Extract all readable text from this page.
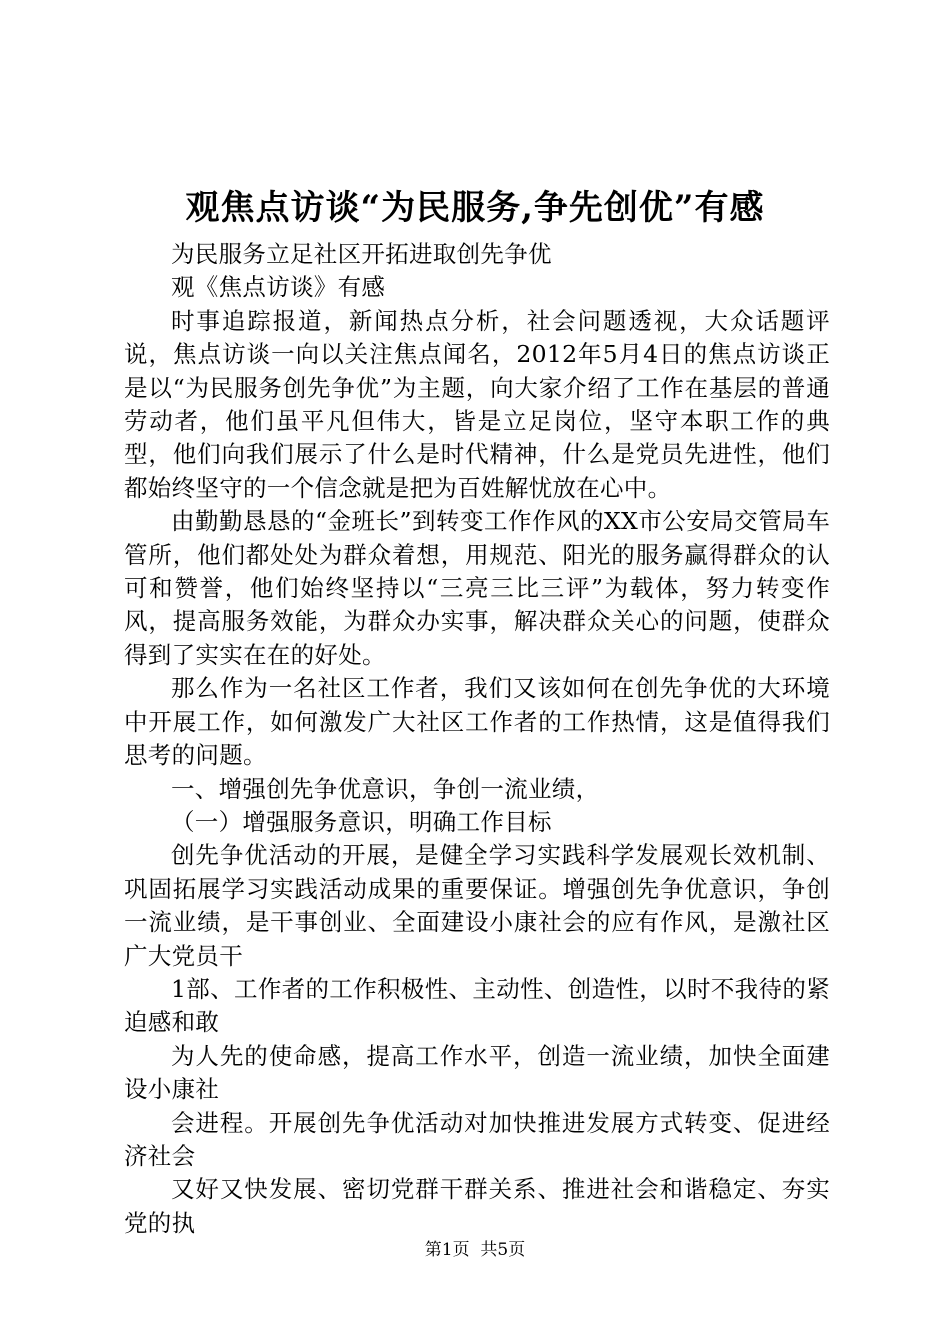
观焦点访谈“为民服务,争先创优”有感

为民服务立足社区开拓进取创先争优

观《焦点访谈》有感

时事追踪报道，新闻热点分析，社会问题透视，大众话题评说，焦点访谈一向以关注焦点闻名，2012年5月4日的焦点访谈正是以“为民服务创先争优”为主题，向大家介绍了工作在基层的普通劳动者，他们虽平凡但伟大，皆是立足岗位，坚守本职工作的典型，他们向我们展示了什么是时代精神，什么是党员先进性，他们都始终坚守的一个信念就是把为百姓解忧放在心中。

由勤勤恳恳的“金班长”到转变工作作风的XX市公安局交管局车管所，他们都处处为群众着想，用规范、阳光的服务赢得群众的认可和赞誉，他们始终坚持以“三亮三比三评”为载体，努力转变作风，提高服务效能，为群众办实事，解决群众关心的问题，使群众得到了实实在在的好处。

那么作为一名社区工作者，我们又该如何在创先争优的大环境中开展工作，如何激发广大社区工作者的工作热情，这是值得我们思考的问题。

一、增强创先争优意识，争创一流业绩，

（一）增强服务意识，明确工作目标

创先争优活动的开展，是健全学习实践科学发展观长效机制、巩固拓展学习实践活动成果的重要保证。增强创先争优意识，争创一流业绩，是干事创业、全面建设小康社会的应有作风，是激社区广大党员干

1部、工作者的工作积极性、主动性、创造性，以时不我待的紧迫感和敢

为人先的使命感，提高工作水平，创造一流业绩，加快全面建设小康社

会进程。开展创先争优活动对加快推进发展方式转变、促进经济社会

又好又快发展、密切党群干群关系、推进社会和谐稳定、夯实党的执

第1页  共5页
